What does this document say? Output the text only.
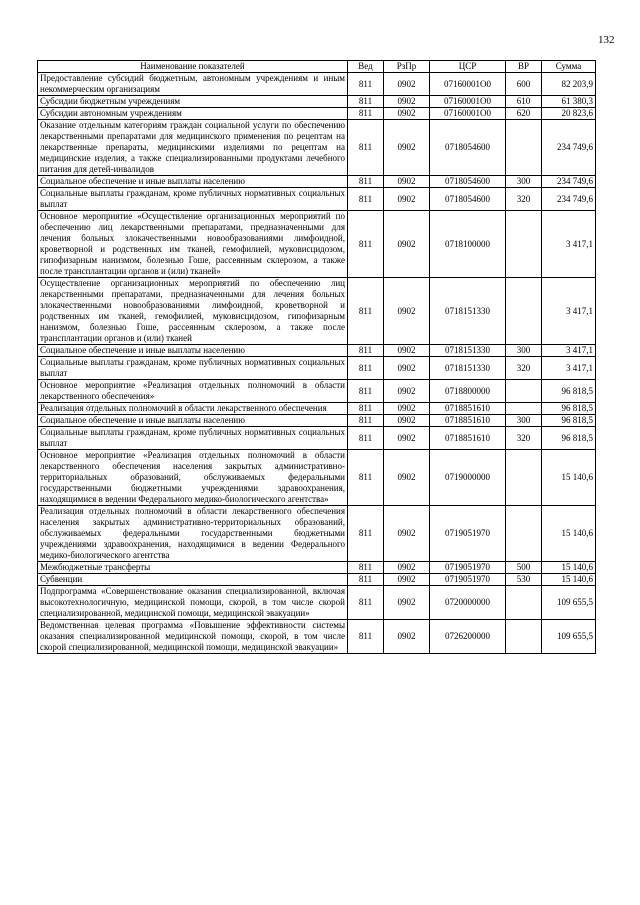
132
Наименование показателей	Вед	РзПр	ЦСР	ВР	Сумма
Предоставление субсидий бюджетным, автономным учреждениям и иным некоммерческим организациям	811	0902	07160001О0	600	82 203,9
Субсидии бюджетным учреждениям	811	0902	07160001О0	610	61 380,3
Субсидии автономным учреждениям	811	0902	07160001О0	620	20 823,6
Оказание отдельным категориям граждан социальной услуги по обеспечению лекарственными препаратами для медицинского применения по рецептам на лекарственные препараты, медицинскими изделиями по рецептам на медицинские изделия, а также специализированными продуктами лечебного питания для детей-инвалидов	811	0902	0718054600		234 749,6
Социальное обеспечение и иные выплаты населению	811	0902	0718054600	300	234 749,6
Социальные выплаты гражданам, кроме публичных нормативных социальных выплат	811	0902	0718054600	320	234 749,6
Основное мероприятие «Осуществление организационных мероприятий по обеспечению лиц лекарственными препаратами, предназначенными для лечения больных злокачественными новообразованиями лимфоидной, кроветворной и родственных им тканей, гемофилией, муковисцидозом, гипофизарным нанизмом, болезнью Гоше, рассеянным склерозом, а также после трансплантации органов и (или) тканей»	811	0902	0718100000		3 417,1
Осуществление организационных мероприятий по обеспечению лиц лекарственными препаратами, предназначенными для лечения больных злокачественными новообразованиями лимфоидной, кроветворной и родственных им тканей, гемофилией, муковисцидозом, гипофизарным нанизмом, болезнью Гоше, рассеянным склерозом, а также после трансплантации органов и (или) тканей	811	0902	0718151330		3 417,1
Социальное обеспечение и иные выплаты населению	811	0902	0718151330	300	3 417,1
Социальные выплаты гражданам, кроме публичных нормативных социальных выплат	811	0902	0718151330	320	3 417,1
Основное мероприятие «Реализация отдельных полномочий в области лекарственного обеспечения»	811	0902	0718800000		96 818,5
Реализация отдельных полномочий в области лекарственного обеспечения	811	0902	0718851610		96 818,5
Социальное обеспечение и иные выплаты населению	811	0902	0718851610	300	96 818,5
Социальные выплаты гражданам, кроме публичных нормативных социальных выплат	811	0902	0718851610	320	96 818,5
Основное мероприятие «Реализация отдельных полномочий в области лекарственного обеспечения населения закрытых административно-территориальных образований, обслуживаемых федеральными государственными бюджетными учреждениями здравоохранения, находящимися в ведении Федерального медико-биологического агентства»	811	0902	0719000000		15 140,6
Реализация отдельных полномочий в области лекарственного обеспечения населения закрытых административно-территориальных образований, обслуживаемых федеральными государственными бюджетными учреждениями здравоохранения, находящимися в ведении Федерального медико-биологического агентства	811	0902	0719051970		15 140,6
Межбюджетные трансферты	811	0902	0719051970	500	15 140,6
Субвенции	811	0902	0719051970	530	15 140,6
Подпрограмма «Совершенствование оказания специализированной, включая высокотехнологичную, медицинской помощи, скорой, в том числе скорой специализированной, медицинской помощи, медицинской эвакуации»	811	0902	0720000000		109 655,5
Ведомственная целевая программа «Повышение эффективности системы оказания специализированной медицинской помощи, скорой, в том числе скорой специализированной, медицинской помощи, медицинской эвакуации»	811	0902	0726200000		109 655,5
